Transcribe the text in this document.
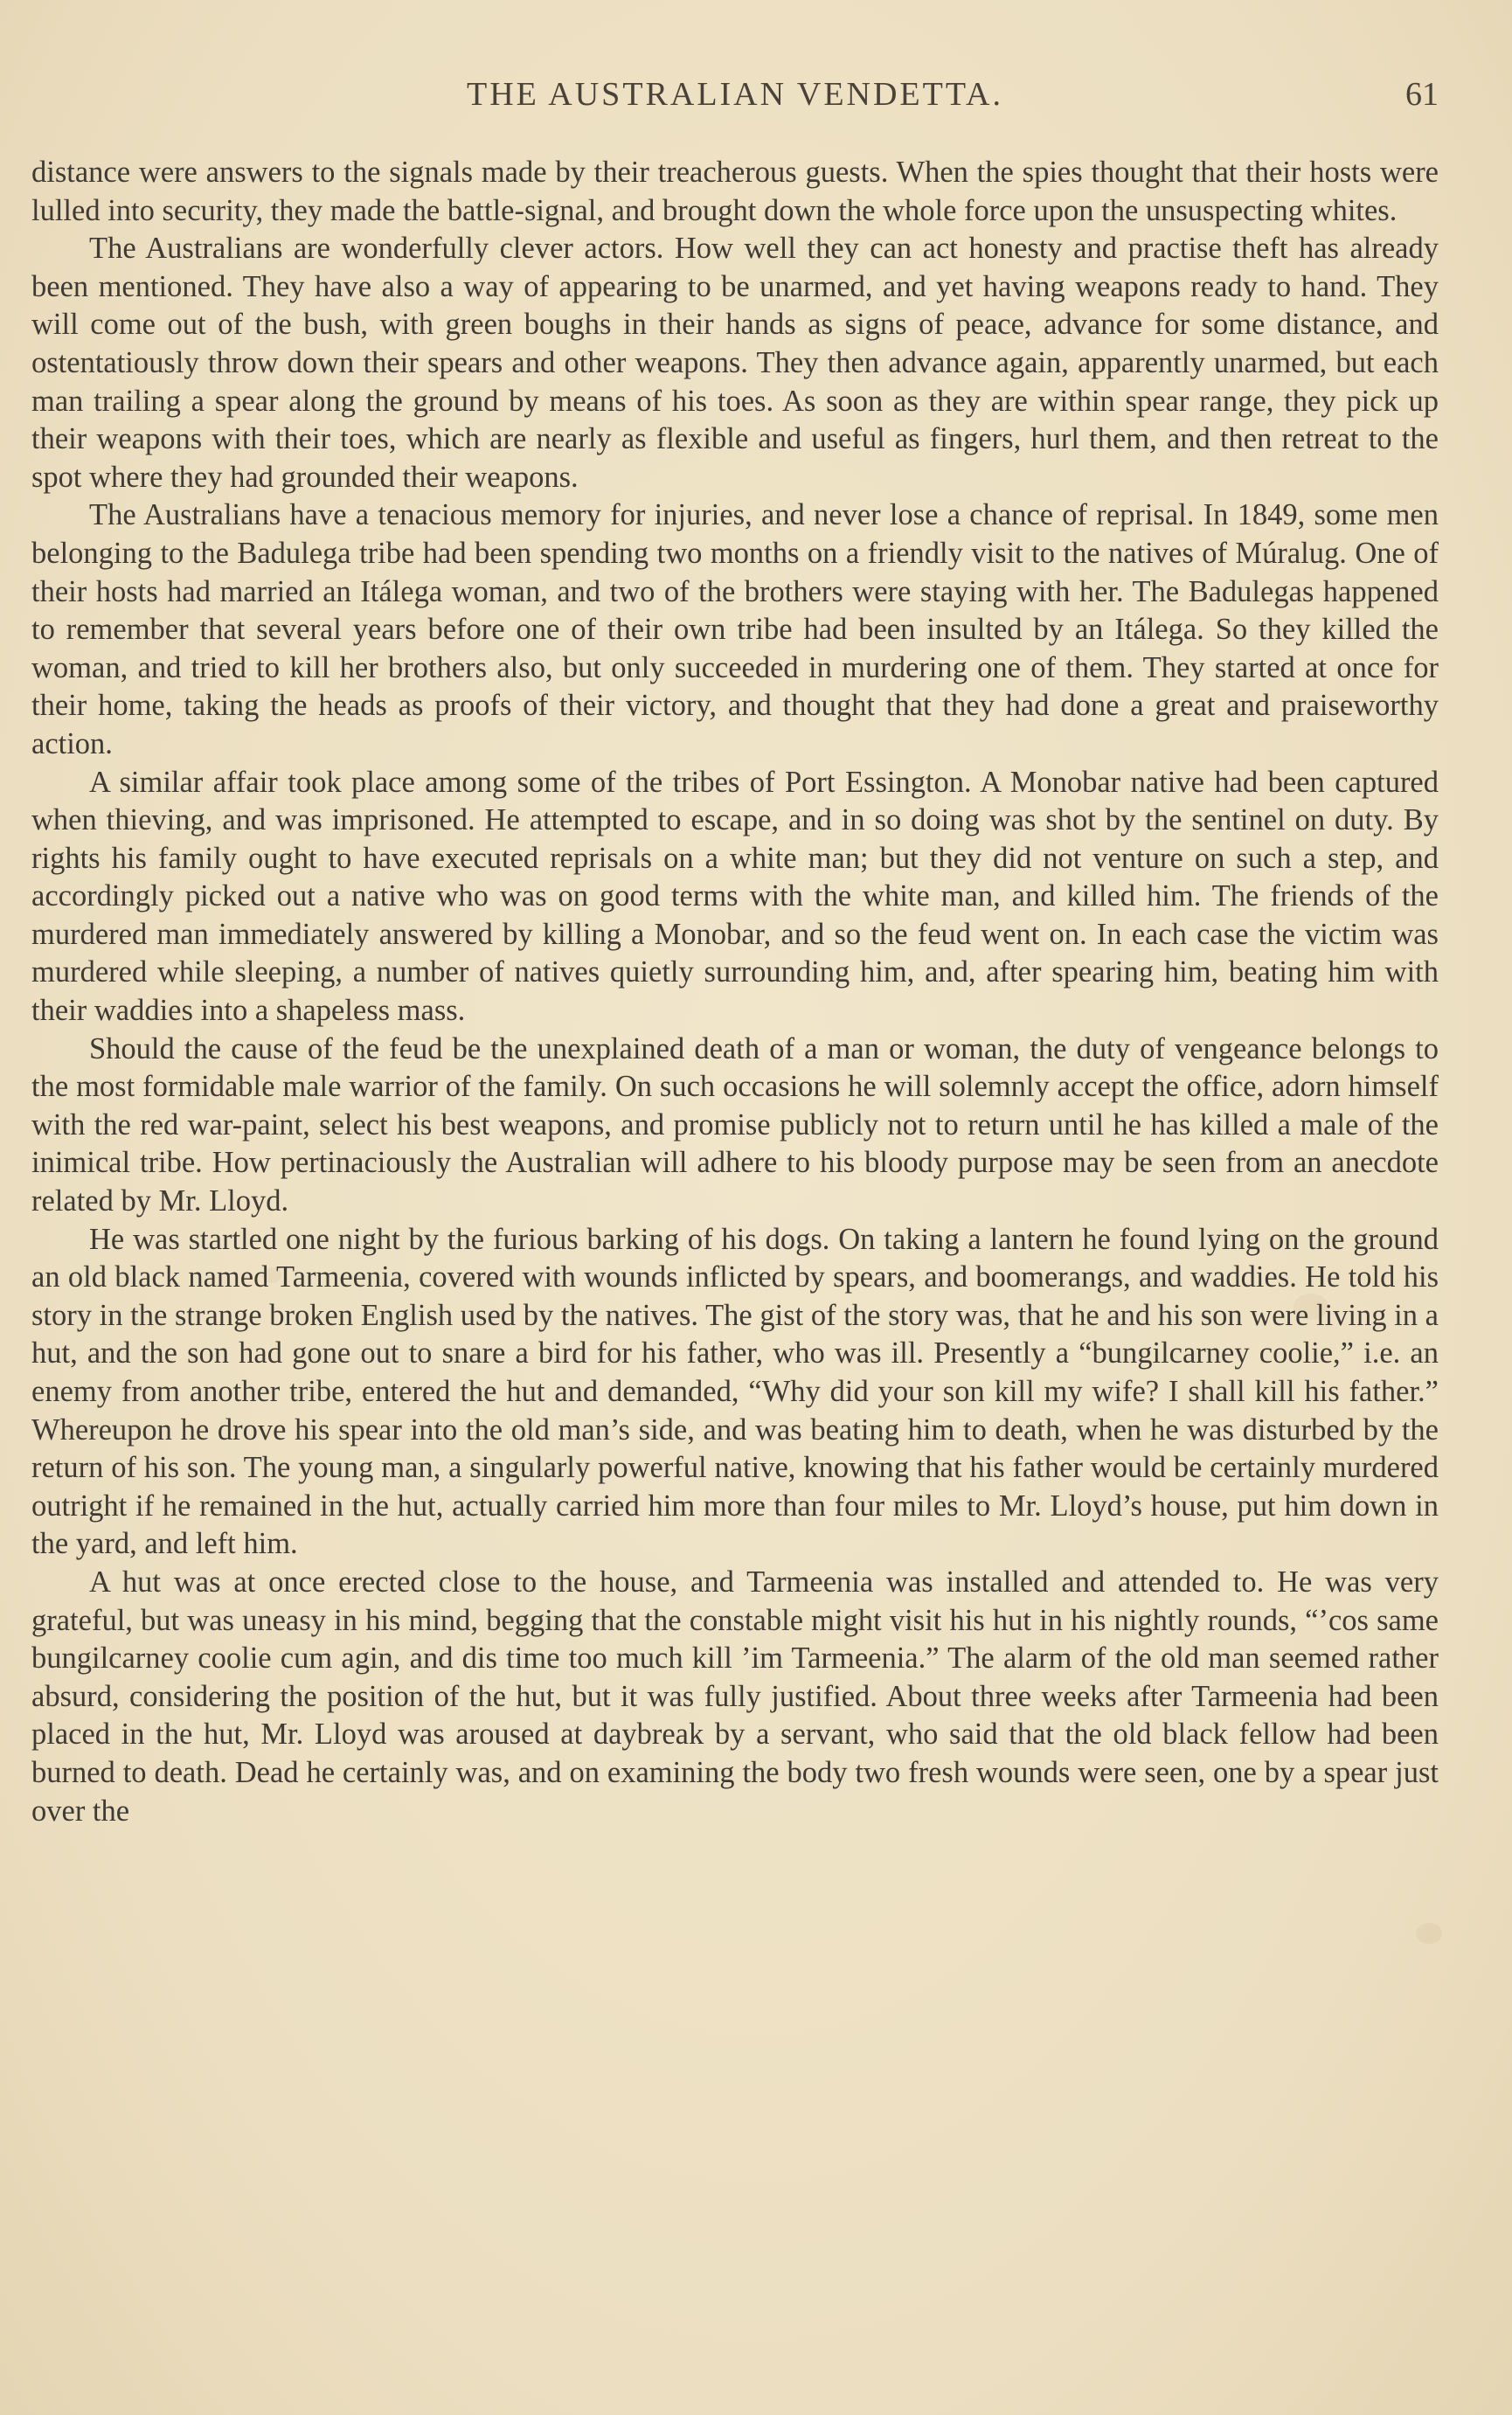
THE AUSTRALIAN VENDETTA.	61

distance were answers to the signals made by their treacherous guests. When the spies thought that their hosts were lulled into security, they made the battle-signal, and brought down the whole force upon the unsuspecting whites.

The Australians are wonderfully clever actors. How well they can act honesty and practise theft has already been mentioned. They have also a way of appearing to be unarmed, and yet having weapons ready to hand. They will come out of the bush, with green boughs in their hands as signs of peace, advance for some distance, and ostentatiously throw down their spears and other weapons. They then advance again, apparently unarmed, but each man trailing a spear along the ground by means of his toes. As soon as they are within spear range, they pick up their weapons with their toes, which are nearly as flexible and useful as fingers, hurl them, and then retreat to the spot where they had grounded their weapons.

The Australians have a tenacious memory for injuries, and never lose a chance of reprisal. In 1849, some men belonging to the Badulega tribe had been spending two months on a friendly visit to the natives of Múralug. One of their hosts had married an Itálega woman, and two of the brothers were staying with her. The Badulegas happened to remember that several years before one of their own tribe had been insulted by an Itálega. So they killed the woman, and tried to kill her brothers also, but only succeeded in murdering one of them. They started at once for their home, taking the heads as proofs of their victory, and thought that they had done a great and praiseworthy action.

A similar affair took place among some of the tribes of Port Essington. A Monobar native had been captured when thieving, and was imprisoned. He attempted to escape, and in so doing was shot by the sentinel on duty. By rights his family ought to have executed reprisals on a white man; but they did not venture on such a step, and accordingly picked out a native who was on good terms with the white man, and killed him. The friends of the murdered man immediately answered by killing a Monobar, and so the feud went on. In each case the victim was murdered while sleeping, a number of natives quietly surrounding him, and, after spearing him, beating him with their waddies into a shapeless mass.

Should the cause of the feud be the unexplained death of a man or woman, the duty of vengeance belongs to the most formidable male warrior of the family. On such occasions he will solemnly accept the office, adorn himself with the red war-paint, select his best weapons, and promise publicly not to return until he has killed a male of the inimical tribe. How pertinaciously the Australian will adhere to his bloody purpose may be seen from an anecdote related by Mr. Lloyd.

He was startled one night by the furious barking of his dogs. On taking a lantern he found lying on the ground an old black named Tarmeenia, covered with wounds inflicted by spears, and boomerangs, and waddies. He told his story in the strange broken English used by the natives. The gist of the story was, that he and his son were living in a hut, and the son had gone out to snare a bird for his father, who was ill. Presently a “bungilcarney coolie,” i.e. an enemy from another tribe, entered the hut and demanded, “Why did your son kill my wife? I shall kill his father.” Whereupon he drove his spear into the old man’s side, and was beating him to death, when he was disturbed by the return of his son. The young man, a singularly powerful native, knowing that his father would be certainly murdered outright if he remained in the hut, actually carried him more than four miles to Mr. Lloyd’s house, put him down in the yard, and left him.

A hut was at once erected close to the house, and Tarmeenia was installed and attended to. He was very grateful, but was uneasy in his mind, begging that the constable might visit his hut in his nightly rounds, “’cos same bungilcarney coolie cum agin, and dis time too much kill ’im Tarmeenia.” The alarm of the old man seemed rather absurd, considering the position of the hut, but it was fully justified. About three weeks after Tarmeenia had been placed in the hut, Mr. Lloyd was aroused at daybreak by a servant, who said that the old black fellow had been burned to death. Dead he certainly was, and on examining the body two fresh wounds were seen, one by a spear just over the
